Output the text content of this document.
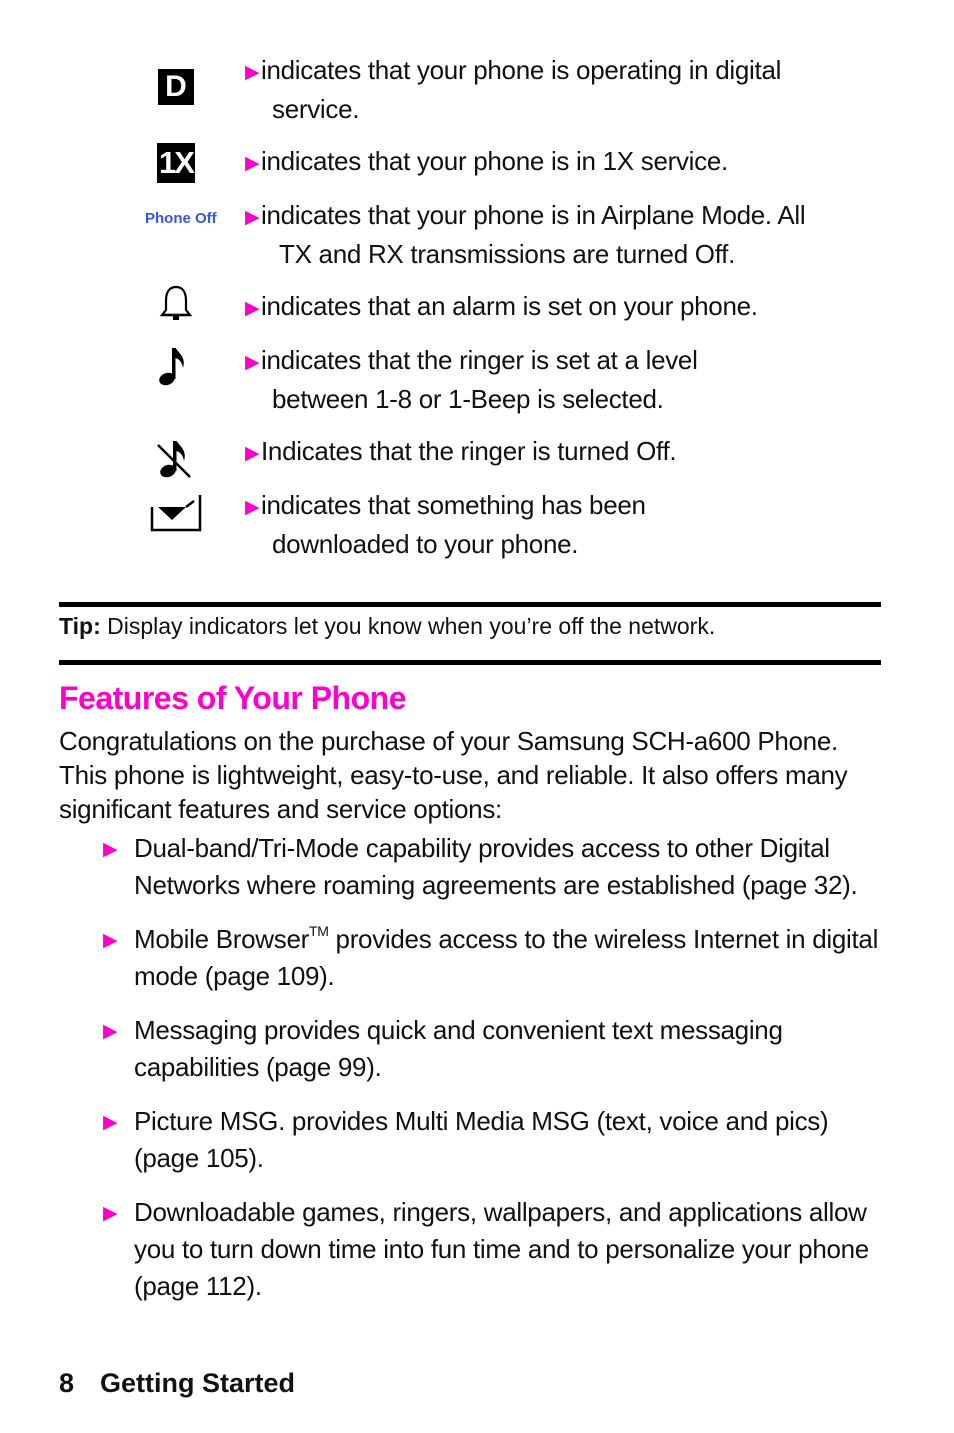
D	▶indicates that your phone is operating in digital
service.
1X	▶indicates that your phone is in 1X service.
Phone Off ▶indicates that your phone is in Airplane Mode. All
TX and RX transmissions are turned Off.
▶indicates that an alarm is set on your phone.
▶indicates that the ringer is set at a level
between 1-8 or 1-Beep is selected.
▶Indicates that the ringer is turned Off.
▶indicates that something has been
downloaded to your phone.
Tip: Display indicators let you know when you’re off the network.
Features of Your Phone

Congratulations on the purchase of your Samsung SCH-a600 Phone. This phone is lightweight, easy-to-use, and reliable. It also offers many significant features and service options:

▶ Dual-band/Tri-Mode capability provides access to other Digital Networks where roaming agreements are established (page 32).
▶ Mobile Browser™ provides access to the wireless Internet in digital mode (page 109).
▶ Messaging provides quick and convenient text messaging capabilities (page 99).
▶ Picture MSG. provides Multi Media MSG (text, voice and pics) (page 105).
▶ Downloadable games, ringers, wallpapers, and applications allow you to turn down time into fun time and to personalize your phone (page 112).
8 Getting Started
